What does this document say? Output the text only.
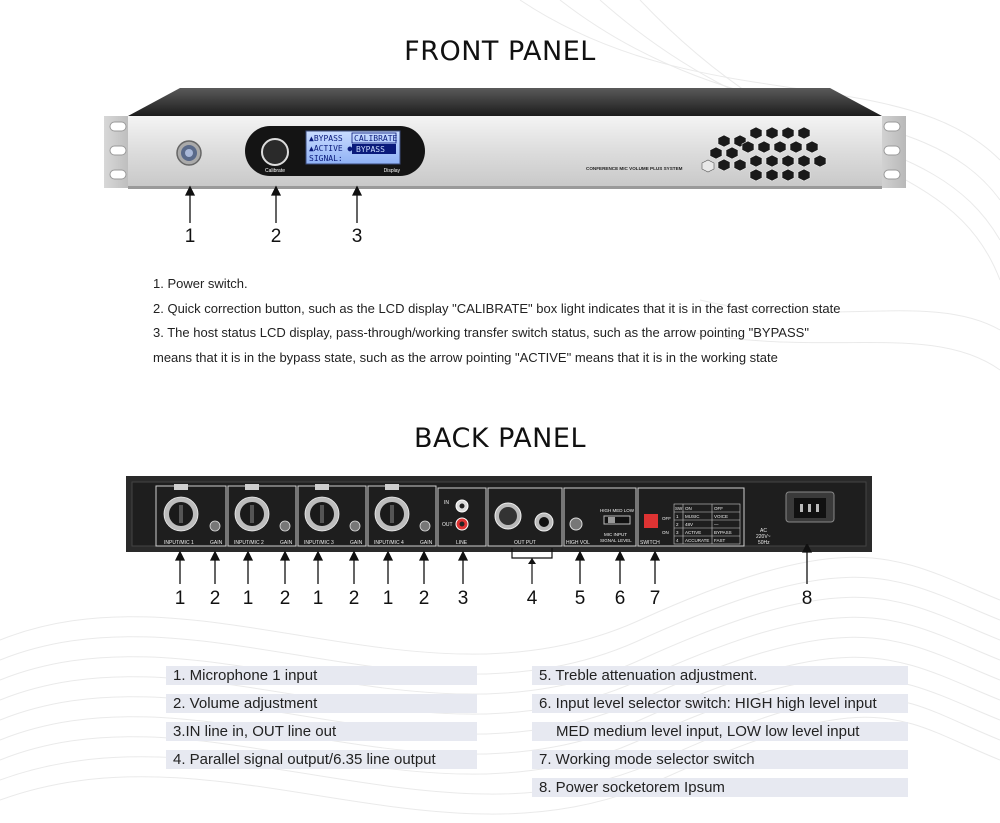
FRONT PANEL
Calibrate
▲BYPASS CALIBRATE
▲ACTIVE ● BYPASS
SIGNAL:
Display	CONFERENCE MIC VOLUME PLUS SYSTEM
1	2	3

1. Power switch.

2. Quick correction button, such as the LCD display "CALIBRATE" box light indicates that it is in the fast correction state

3. The host status LCD display, pass-through/working transfer switch status, such as the arrow pointing "BYPASS"

means that it is in the bypass state, such as the arrow pointing "ACTIVE" means that it is in the working state

BACK PANEL
INPUT/MIC 1	INPUT/MIC 2	INPUT/MIC 3	INPUT/MIC 4
GAIN	GAIN	GAIN	GAIN
IN
OUT
LINE	OUT PUT	HIGH VOL
HIGH MED LOW
MIC INPUT
SIGNAL LEVEL SWITCH
OFF
ON
SW ON	OFF
1 MUSIC	VOICE
2 48V	—
3 ACTIVE	BYPASS
4 ACCURATE FAST
AC
220V~
50Hz
1	2	1	2	1	2	1	2	3	4	5	6	7	8
1. Microphone 1 input
2. Volume adjustment
3.IN line in, OUT line out
4. Parallel signal output/6.35 line output
5. Treble attenuation adjustment.
6. Input level selector switch: HIGH high level input
MED medium level input, LOW low level input
7. Working mode selector switch
8. Power socketorem Ipsum
